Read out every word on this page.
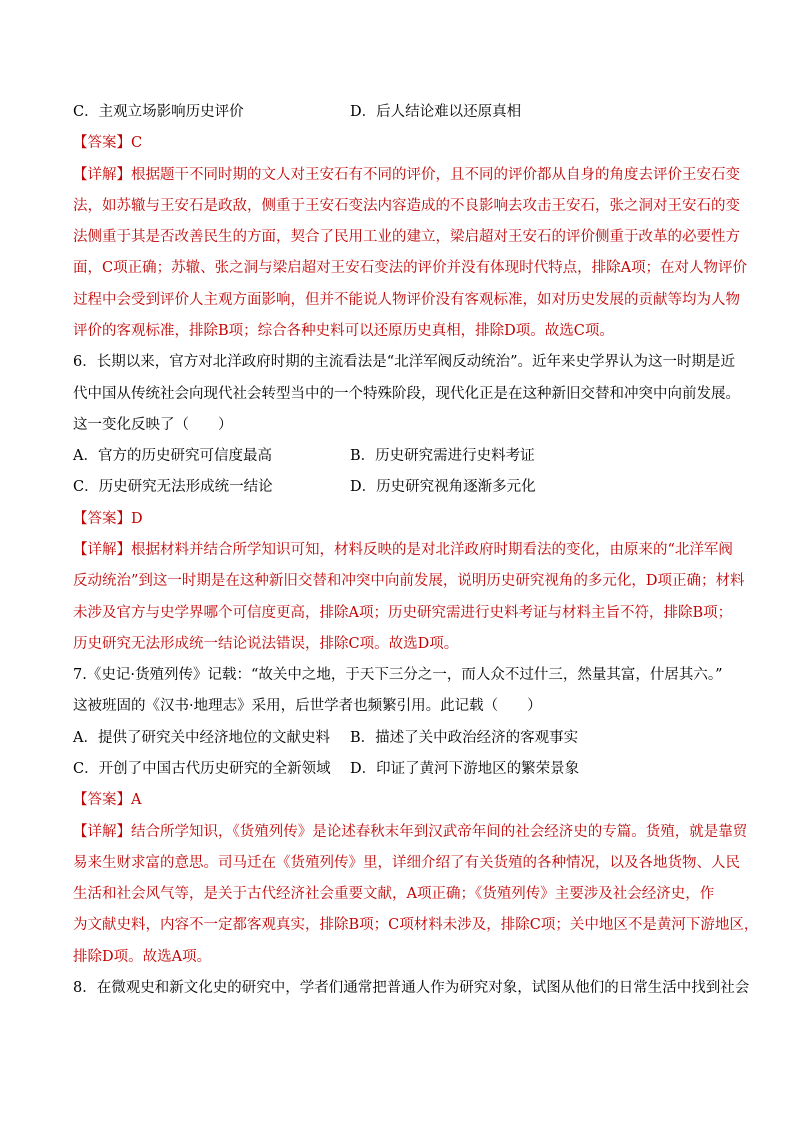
C．主观立场影响历史评价	D．后人结论难以还原真相
【答案】C
【详解】根据题干不同时期的文人对王安石有不同的评价，且不同的评价都从自身的角度去评价王安石变
法，如苏辙与王安石是政敌，侧重于王安石变法内容造成的不良影响去攻击王安石，张之洞对王安石的变
法侧重于其是否改善民生的方面，契合了民用工业的建立，梁启超对王安石的评价侧重于改革的必要性方
面，C项正确；苏辙、张之洞与梁启超对王安石变法的评价并没有体现时代特点，排除A项；在对人物评价
过程中会受到评价人主观方面影响，但并不能说人物评价没有客观标准，如对历史发展的贡献等均为人物
评价的客观标准，排除B项；综合各种史料可以还原历史真相，排除D项。故选C项。
6．长期以来，官方对北洋政府时期的主流看法是“北洋军阀反动统治”。近年来史学界认为这一时期是近
代中国从传统社会向现代社会转型当中的一个特殊阶段，现代化正是在这种新旧交替和冲突中向前发展。
这一变化反映了（　　）
A．官方的历史研究可信度最高	B．历史研究需进行史料考证
C．历史研究无法形成统一结论	D．历史研究视角逐渐多元化
【答案】D
【详解】根据材料并结合所学知识可知，材料反映的是对北洋政府时期看法的变化，由原来的“北洋军阀
反动统治”到这一时期是在这种新旧交替和冲突中向前发展，说明历史研究视角的多元化，D项正确；材料
未涉及官方与史学界哪个可信度更高，排除A项；历史研究需进行史料考证与材料主旨不符，排除B项；
历史研究无法形成统一结论说法错误，排除C项。故选D项。
7.《史记·货殖列传》记载：“故关中之地，于天下三分之一，而人众不过什三，然量其富，什居其六。”
这被班固的《汉书·地理志》采用，后世学者也频繁引用。此记载（　　）
A．提供了研究关中经济地位的文献史料 B．描述了关中政治经济的客观事实
C．开创了中国古代历史研究的全新领域 D．印证了黄河下游地区的繁荣景象
【答案】A
【详解】结合所学知识，《货殖列传》是论述春秋末年到汉武帝年间的社会经济史的专篇。货殖，就是靠贸
易来生财求富的意思。司马迁在《货殖列传》里，详细介绍了有关货殖的各种情况，以及各地货物、人民
生活和社会风气等，是关于古代经济社会重要文献，A项正确；《货殖列传》主要涉及社会经济史，作
为文献史料，内容不一定都客观真实，排除B项；C项材料未涉及，排除C项；关中地区不是黄河下游地区，
排除D项。故选A项。
8．在微观史和新文化史的研究中，学者们通常把普通人作为研究对象，试图从他们的日常生活中找到社会
